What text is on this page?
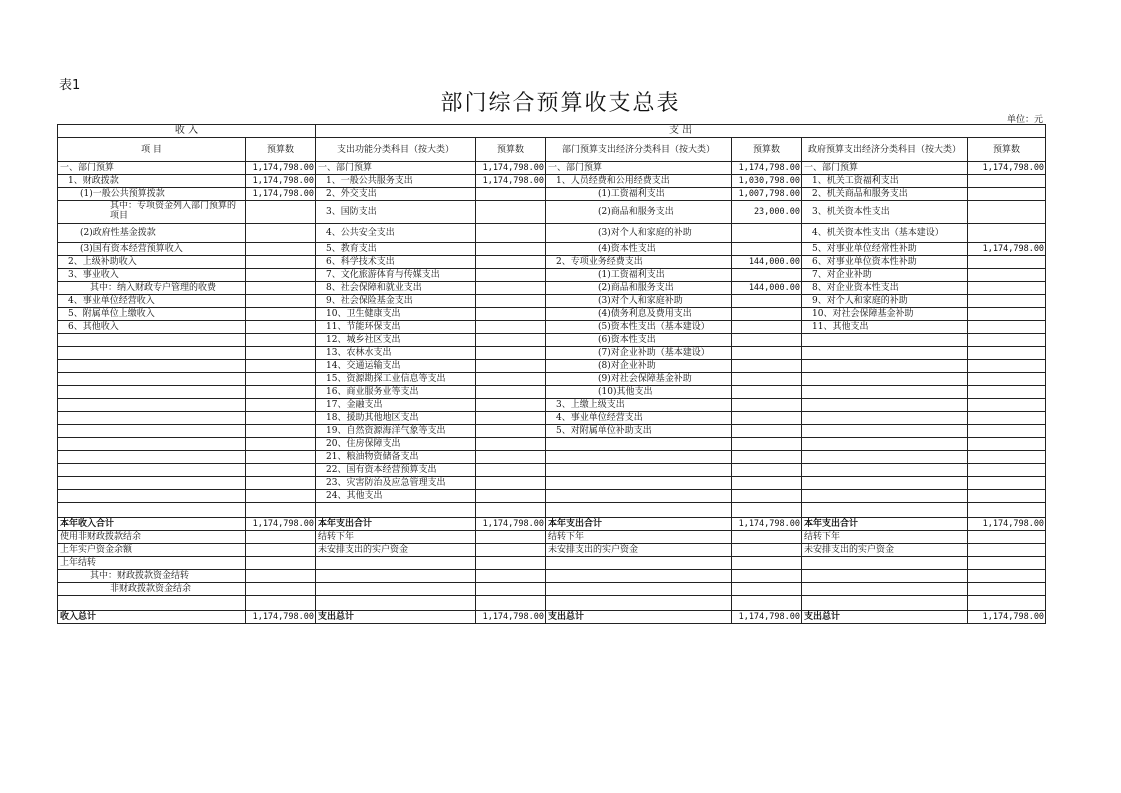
表1
部门综合预算收支总表
单位：元
收 入		支 出					
项 目	预算数	支出功能分类科目（按大类）	预算数	部门预算支出经济分类科目（按大类）	预算数	政府预算支出经济分类科目（按大类）	预算数
一、部门预算	1,174,798.00	一、部门预算	1,174,798.00	一、部门预算	1,174,798.00	一、部门预算	1,174,798.00
1、财政拨款	1,174,798.00	1、一般公共服务支出	1,174,798.00	1、人员经费和公用经费支出	1,030,798.00	1、机关工资福利支出	
(1)一般公共预算拨款	1,174,798.00	2、外交支出		(1)工资福利支出	1,007,798.00	2、机关商品和服务支出	
其中：专项资金列入部门预算的项目		3、国防支出		(2)商品和服务支出	23,000.00	3、机关资本性支出	
(2)政府性基金拨款		4、公共安全支出		(3)对个人和家庭的补助		4、机关资本性支出（基本建设）	
(3)国有资本经营预算收入		5、教育支出		(4)资本性支出		5、对事业单位经常性补助	1,174,798.00
2、上级补助收入		6、科学技术支出		2、专项业务经费支出	144,000.00	6、对事业单位资本性补助	
3、事业收入		7、文化旅游体育与传媒支出		(1)工资福利支出		7、对企业补助	
其中：纳入财政专户管理的收费		8、社会保障和就业支出		(2)商品和服务支出	144,000.00	8、对企业资本性支出	
4、事业单位经营收入		9、社会保险基金支出		(3)对个人和家庭补助		9、对个人和家庭的补助	
5、附属单位上缴收入		10、卫生健康支出		(4)债务利息及费用支出		10、对社会保障基金补助	
6、其他收入		11、节能环保支出		(5)资本性支出（基本建设）		11、其他支出	
		12、城乡社区支出		(6)资本性支出			
		13、农林水支出		(7)对企业补助（基本建设）			
		14、交通运输支出		(8)对企业补助			
		15、资源勘探工业信息等支出		(9)对社会保障基金补助			
		16、商业服务业等支出		(10)其他支出			
		17、金融支出		3、上缴上级支出			
		18、援助其他地区支出		4、事业单位经营支出			
		19、自然资源海洋气象等支出		5、对附属单位补助支出			
		20、住房保障支出					
		21、粮油物资储备支出					
		22、国有资本经营预算支出					
		23、灾害防治及应急管理支出					
		24、其他支出					

本年收入合计	1,174,798.00	本年支出合计	1,174,798.00	本年支出合计	1,174,798.00	本年支出合计	1,174,798.00
使用非财政拨款结余		结转下年		结转下年		结转下年	
上年实户资金余额		未安排支出的实户资金		未安排支出的实户资金		未安排支出的实户资金	
上年结转							
其中：财政拨款资金结转							
非财政拨款资金结余							

收入总计	1,174,798.00	支出总计	1,174,798.00	支出总计	1,174,798.00	支出总计	1,174,798.00
